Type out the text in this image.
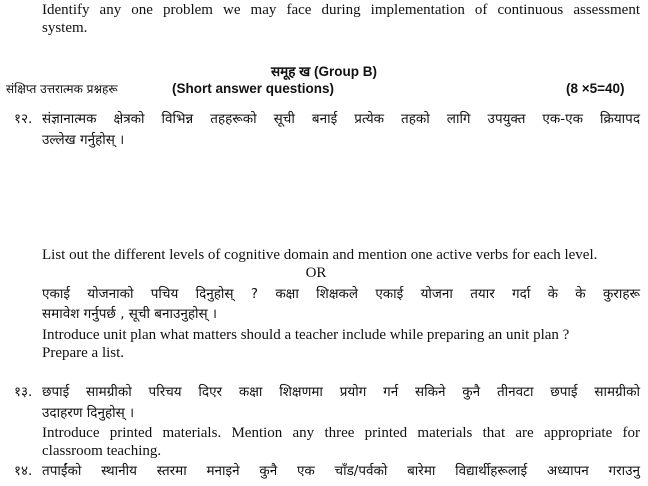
Identify any one problem we may face during implementation of continuous assessment
system.
समूह ख (Group B)
संक्षिप्त उत्तरात्मक प्रश्नहरू	(Short answer questions)	(8 ×5=40)
१२. संज्ञानात्मक क्षेत्रको विभिन्न तहहरूको सूची बनाई प्रत्येक तहको लागि उपयुक्त एक-एक क्रियापद
उल्लेख गर्नुहोस् ।
List out the different levels of cognitive domain and mention one active verbs for each level.
OR
एकाई योजनाको पचिय दिनुहोस् ? कक्षा शिक्षकले एकाई योजना तयार गर्दा के के कुराहरू
समावेश गर्नुपर्छ , सूची बनाउनुहोस् ।
Introduce unit plan what matters should a teacher include while preparing an unit plan ?
Prepare a list.
१३. छपाई सामग्रीको परिचय दिएर कक्षा शिक्षणमा प्रयोग गर्न सकिने कुनै तीनवटा छपाई सामग्रीको
उदाहरण दिनुहोस् ।
Introduce printed materials. Mention any three printed materials that are appropriate for
classroom teaching.
१४. तपाईंको स्थानीय स्तरमा मनाइने कुनै एक चाँड/पर्वको बारेमा विद्यार्थीहरूलाई अध्यापन गराउनु
